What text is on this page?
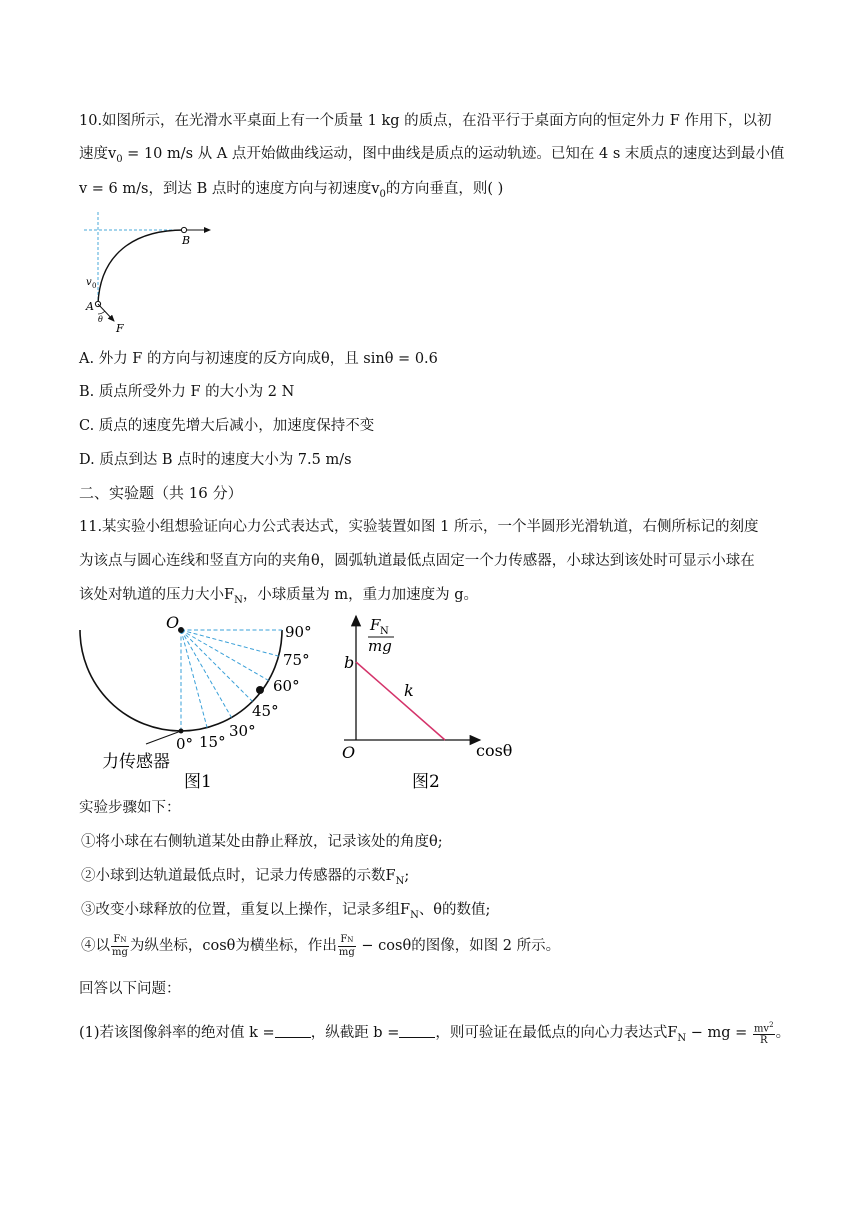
10.如图所示，在光滑水平桌面上有一个质量 1 kg 的质点，在沿平行于桌面方向的恒定外力 F 作用下，以初
速度$v_0 = 10$ m/s 从 A 点开始做曲线运动，图中曲线是质点的运动轨迹。已知在 4 s 末质点的速度达到最小值
v = 6 m/s，到达 B 点时的速度方向与初速度$v_0$的方向垂直，则( )
B
v 0
A
θ
F
A. 外力 F 的方向与初速度的反方向成θ，且 sinθ = 0.6
B. 质点所受外力 F 的大小为 2 N
C. 质点的速度先增大后减小，加速度保持不变
D. 质点到达 B 点时的速度大小为 7.5 m/s
二、实验题（共 16 分）
11.某实验小组想验证向心力公式表达式，实验装置如图 1 所示，一个半圆形光滑轨道，右侧所标记的刻度
为该点与圆心连线和竖直方向的夹角θ，圆弧轨道最低点固定一个力传感器，小球达到该处时可显示小球在
该处对轨道的压力大小$F_N$，小球质量为 m，重力加速度为 g。
O	90°
75°
60°
45°
30°
15°
0°
力传感器
图1
F N
mg
b
k
O	cosθ
图2
实验步骤如下：
①将小球在右侧轨道某处由静止释放，记录该处的角度θ;
②小球到达轨道最低点时，记录力传感器的示数$F_N$;
③改变小球释放的位置，重复以上操作，记录多组$F_N$、θ的数值;
④以 $\frac{FN}{mg}$ 为纵坐标，cosθ为横坐标，作出 $\frac{FN}{mg} - \cos\theta$的图像，如图 2 所示。
回答以下问题：
(1)若该图像斜率的绝对值 k = ，纵截距 b = ，则可验证在最低点的向心力表达式$F_N$ − mg = $\frac{mv^2}{R}$ 。
